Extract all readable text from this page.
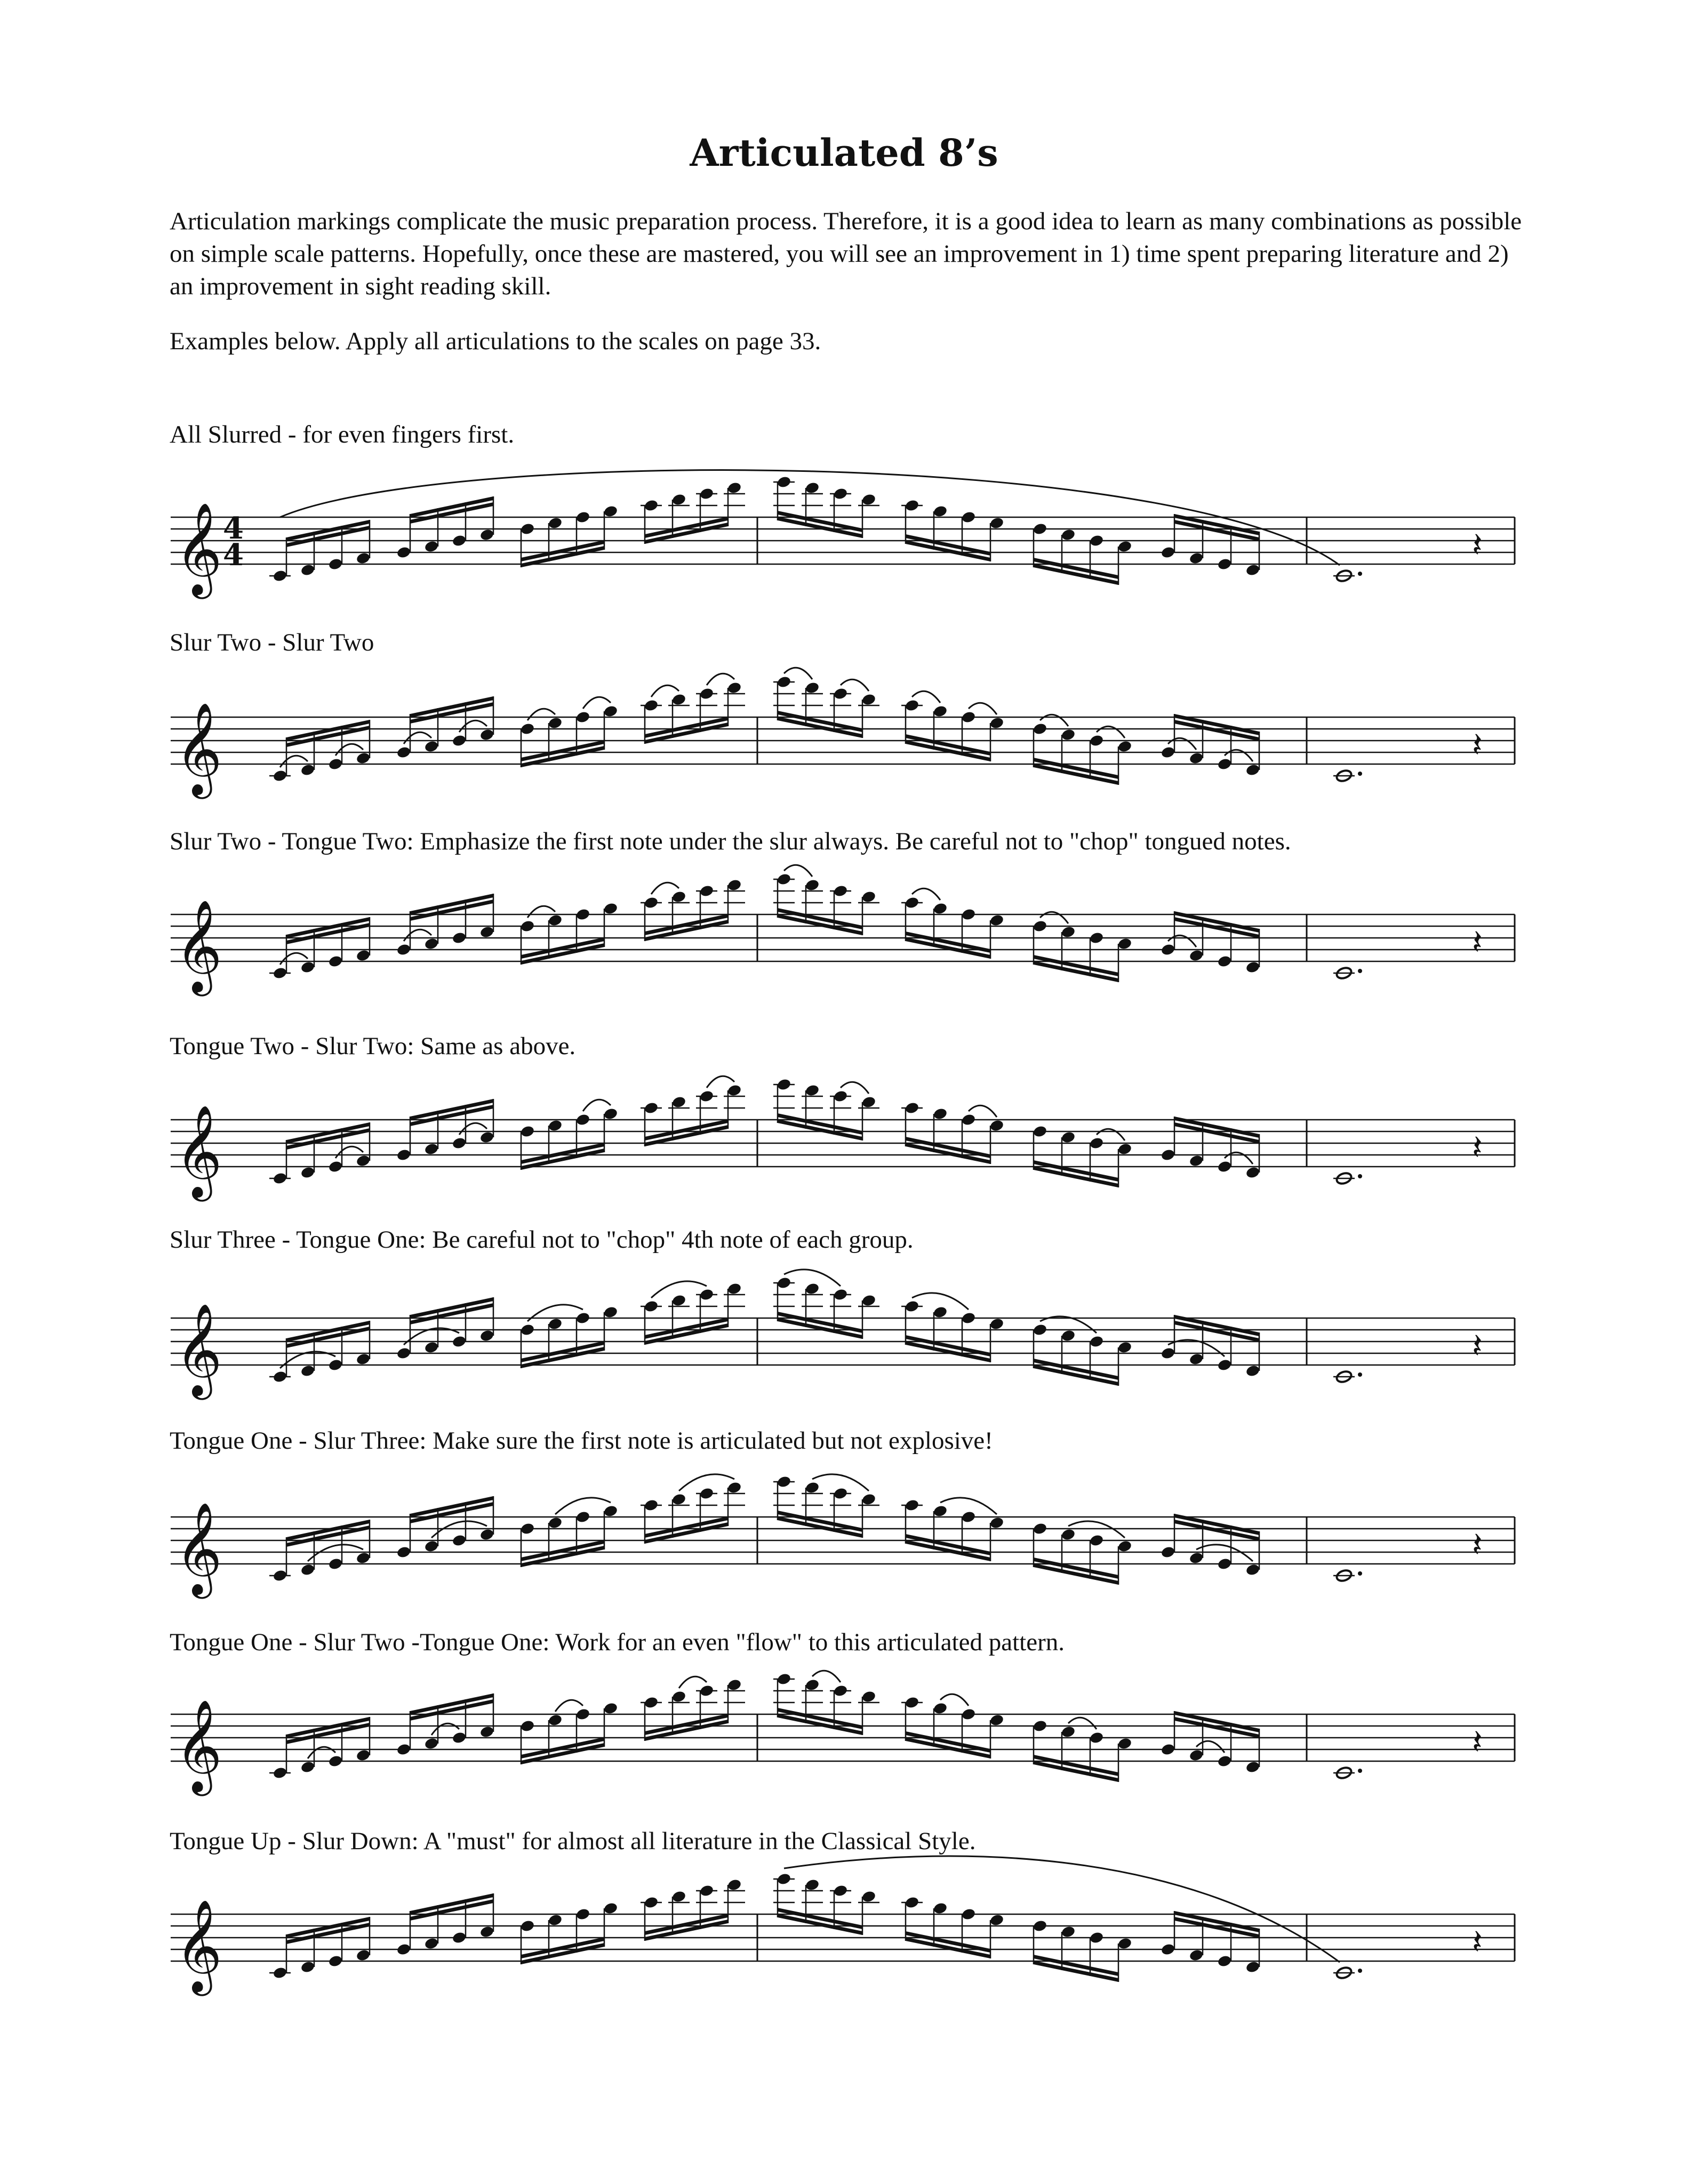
Articulated 8’s

Articulation markings complicate the music preparation process. Therefore, it is a good idea to learn as many combinations as possible on simple scale patterns. Hopefully, once these are mastered, you will see an improvement in 1) time spent preparing literature and 2) an improvement in sight reading skill.

Examples below. Apply all articulations to the scales on page 33.

All Slurred - for even fingers first.

𝄞 4
4	𝄽

Slur Two - Slur Two

𝄞	𝄽

Slur Two - Tongue Two: Emphasize the first note under the slur always. Be careful not to "chop" tongued notes.

𝄞	𝄽

Tongue Two - Slur Two: Same as above.

𝄞	𝄽

Slur Three - Tongue One: Be careful not to "chop" 4th note of each group.

𝄞	𝄽

Tongue One - Slur Three: Make sure the first note is articulated but not explosive!

𝄞	𝄽

Tongue One - Slur Two -Tongue One: Work for an even "flow" to this articulated pattern.

𝄞	𝄽

Tongue Up - Slur Down: A "must" for almost all literature in the Classical Style.

𝄞	𝄽
